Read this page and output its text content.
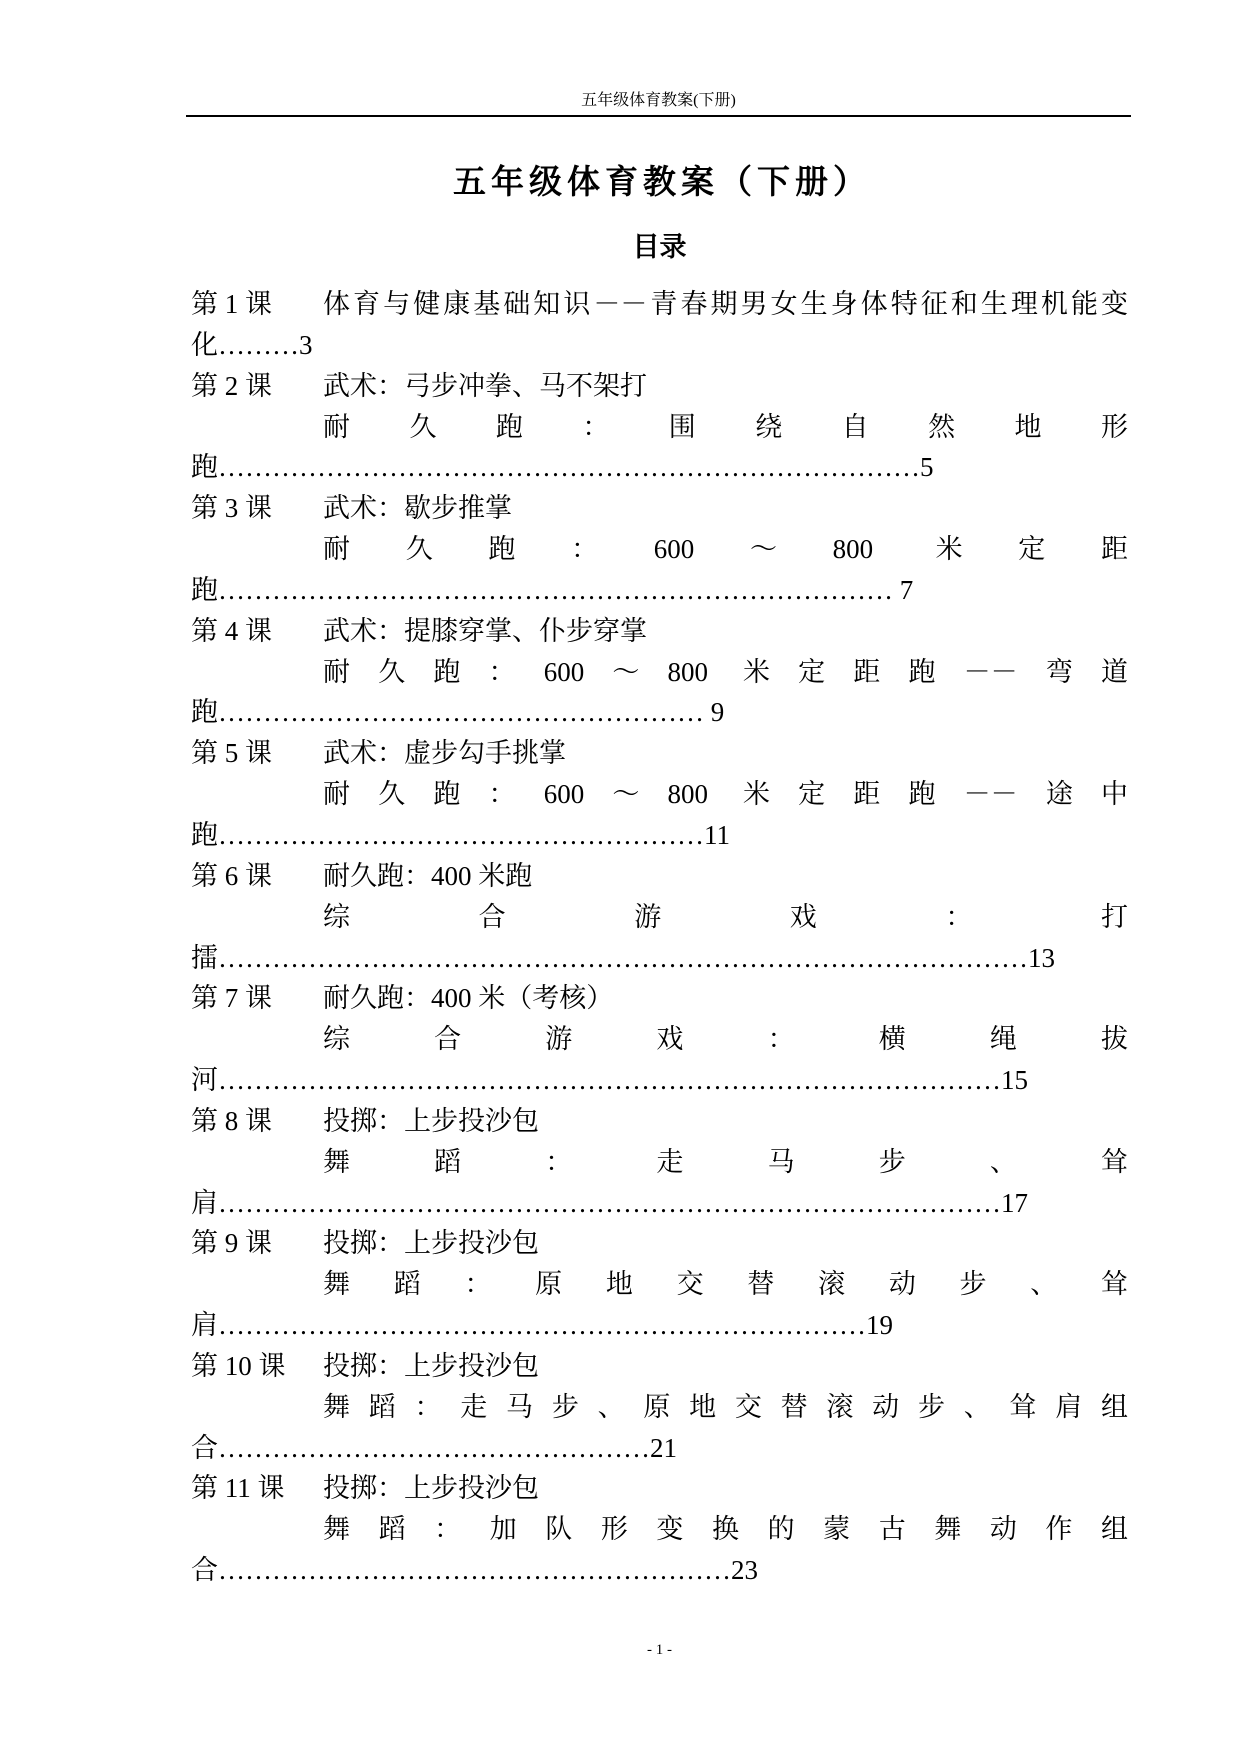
五年级体育教案(下册)
五年级体育教案（下册）
目录
第 1 课	体育与健康基础知识－－青春期男女生身体特征和生理机能变
化……… 3
第 2 课	武术：弓步冲拳、马不架打
耐久跑：围绕自然地形
跑…………………………………………………………………… 5
第 3 课	武术：歇步推掌
耐久跑：600～800 米定距
跑………………………………………………………………… 7
第 4 课	武术：提膝穿掌、仆步穿掌
耐久跑：600～800 米定距跑－－弯道
跑……………………………………………… 9
第 5 课	武术：虚步勾手挑掌
耐久跑：600～800 米定距跑－－途中
跑……………………………………………… 11
第 6 课	耐久跑：400 米跑
综合游戏：打
擂……………………………………………………………………………… 13
第 7 课	耐久跑：400 米（考核）
综合游戏：横绳拔
河…………………………………………………………………………… 15
第 8 课	投掷：上步投沙包
舞蹈：走马步、耸
肩…………………………………………………………………………… 17
第 9 课	投掷：上步投沙包
舞蹈：原地交替滚动步、耸
肩……………………………………………………………… 19
第 10 课	投掷：上步投沙包
舞蹈：走马步、原地交替滚动步、耸肩组
合………………………………………… 21
第 11 课	投掷：上步投沙包
舞蹈：加队形变换的蒙古舞动作组
合………………………………………………… 23
- 1 -
